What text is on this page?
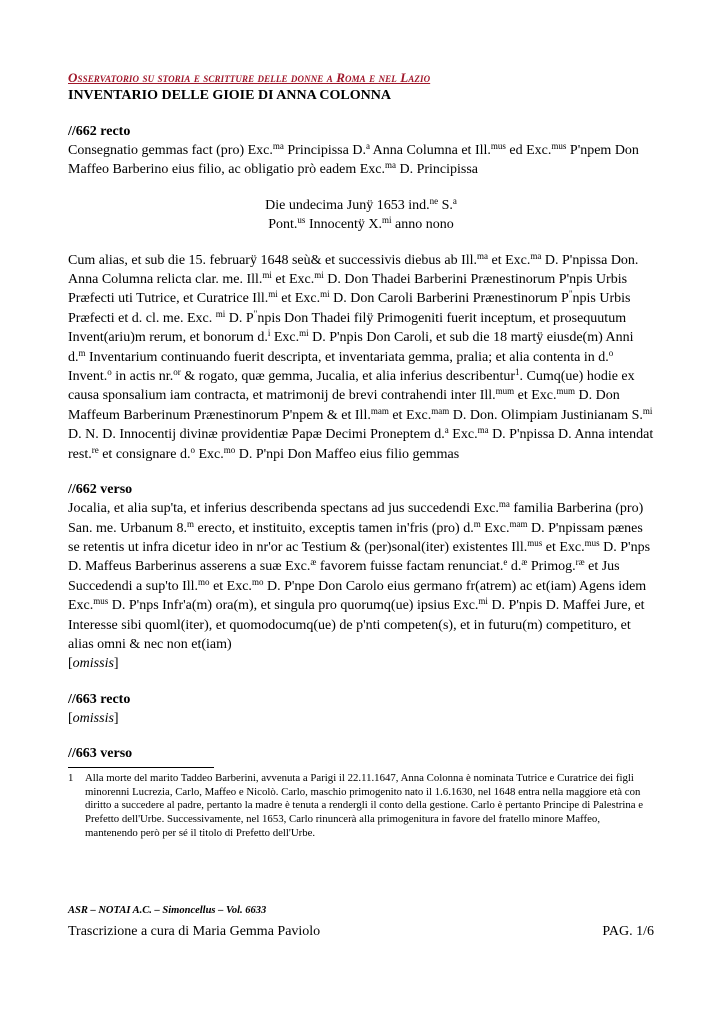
Osservatorio su storia e scritture delle donne a Roma e nel Lazio
INVENTARIO DELLE GIOIE DI ANNA COLONNA
//662 recto

Consegnatio gemmas fact (pro) Exc.$^{ma}$ Principissa D.$^a$ Anna Columna et Ill.$^{mus}$ ed Exc.$^{mus}$ P'npem Don Maffeo Barberino eius filio, ac obligatio prò eadem Exc.$^{ma}$ D. Principissa

Die undecima Junÿ 1653 ind.$^{ne}$ S.$^a$

Pont.$^{us}$ Innocentÿ X.$^{mi}$ anno nono

Cum alias, et sub die 15. februarÿ 1648 seù& et successivis diebus ab Ill.$^{ma}$ et Exc.$^{ma}$ D. P'npissa Don. Anna Columna relicta clar. me. Ill.$^{mi}$ et Exc.$^{mi}$ D. Don Thadei Barberini Prænestinorum P'npis Urbis Præfecti uti Tutrice, et Curatrice Ill.$^{mi}$ et Exc.$^{mi}$ D. Don Caroli Barberini Prænestinorum P"npis Urbis Præfecti et d. cl. me. Exc. $^{mi}$ D. P"npis Don Thadei filÿ Primogeniti fuerit inceptum, et prosequutum Invent(ariu)m rerum, et bonorum d.$^i$ Exc.$^{mi}$ D. P'npis Don Caroli, et sub die 18 martÿ eiusde(m) Anni d.$^m$ Inventarium continuando fuerit descripta, et inventariata gemma, pralia; et alia contenta in d.$^o$ Invent.$^o$ in actis nr.$^{or}$ & rogato, quæ gemma, Jucalia, et alia inferius describentur$^1$. Cumq(ue) hodie ex causa sponsalium iam contracta, et matrimonij de brevi contrahendi inter Ill.$^{mum}$ et Exc.$^{mum}$ D. Don Maffeum Barberinum Prænestinorum P'npem & et Ill.$^{mam}$ et Exc.$^{mam}$ D. Don. Olimpiam Justinianam S.$^{mi}$ D. N. D. Innocentij divinæ providentiæ Papæ Decimi Proneptem d.$^a$ Exc.$^{ma}$ D. P'npissa D. Anna intendat rest.$^{re}$ et consignare d.$^o$ Exc.$^{mo}$ D. P'npi Don Maffeo eius filio gemmas

//662 verso

Jocalia, et alia sup'ta, et inferius describenda spectans ad jus succedendi Exc.$^{ma}$ familia Barberina (pro) San. me. Urbanum 8.$^m$ erecto, et instituito, exceptis tamen in'fris (pro) d.$^m$ Exc.$^{mam}$ D. P'npissam pænes se retentis ut infra dicetur ideo in nr'or ac Testium & (per)sonal(iter) existentes Ill.$^{mus}$ et Exc.$^{mus}$ D. P'nps D. Maffeus Barberinus asserens a suæ Exc.$^æ$ favorem fuisse factam renunciat.$^e$ d.$^æ$ Primog.$^{ræ}$ et Jus Succedendi a sup'to Ill.$^{mo}$ et Exc.$^{mo}$ D. P'npe Don Carolo eius germano fr(atrem) ac et(iam) Agens idem Exc.$^{mus}$ D. P'nps Infr'a(m) ora(m), et singula pro quorumq(ue) ipsius Exc.$^{mi}$ D. P'npis D. Maffei Jure, et Interesse sibi quoml(iter), et quomodocumq(ue) de p'nti competen(s), et in futuru(m) competituro, et alias omni & nec non et(iam)

[omissis]

//663 recto

[omissis]

//663 verso
1	Alla morte del marito Taddeo Barberini, avvenuta a Parigi il 22.11.1647, Anna Colonna è nominata Tutrice e Curatrice dei figli minorenni Lucrezia, Carlo, Maffeo e Nicolò. Carlo, maschio primogenito nato il 1.6.1630, nel 1648 entra nella maggiore età con diritto a succedere al padre, pertanto la madre è tenuta a rendergli il conto della gestione. Carlo è pertanto Principe di Palestrina e Prefetto dell'Urbe. Successivamente, nel 1653, Carlo rinuncerà alla primogenitura in favore del fratello minore Maffeo, mantenendo però per sé il titolo di Prefetto dell'Urbe.
ASR – NOTAI A.C. – Simoncellus – Vol. 6633
Trascrizione a cura di Maria Gemma Paviolo	PAG. 1/6
